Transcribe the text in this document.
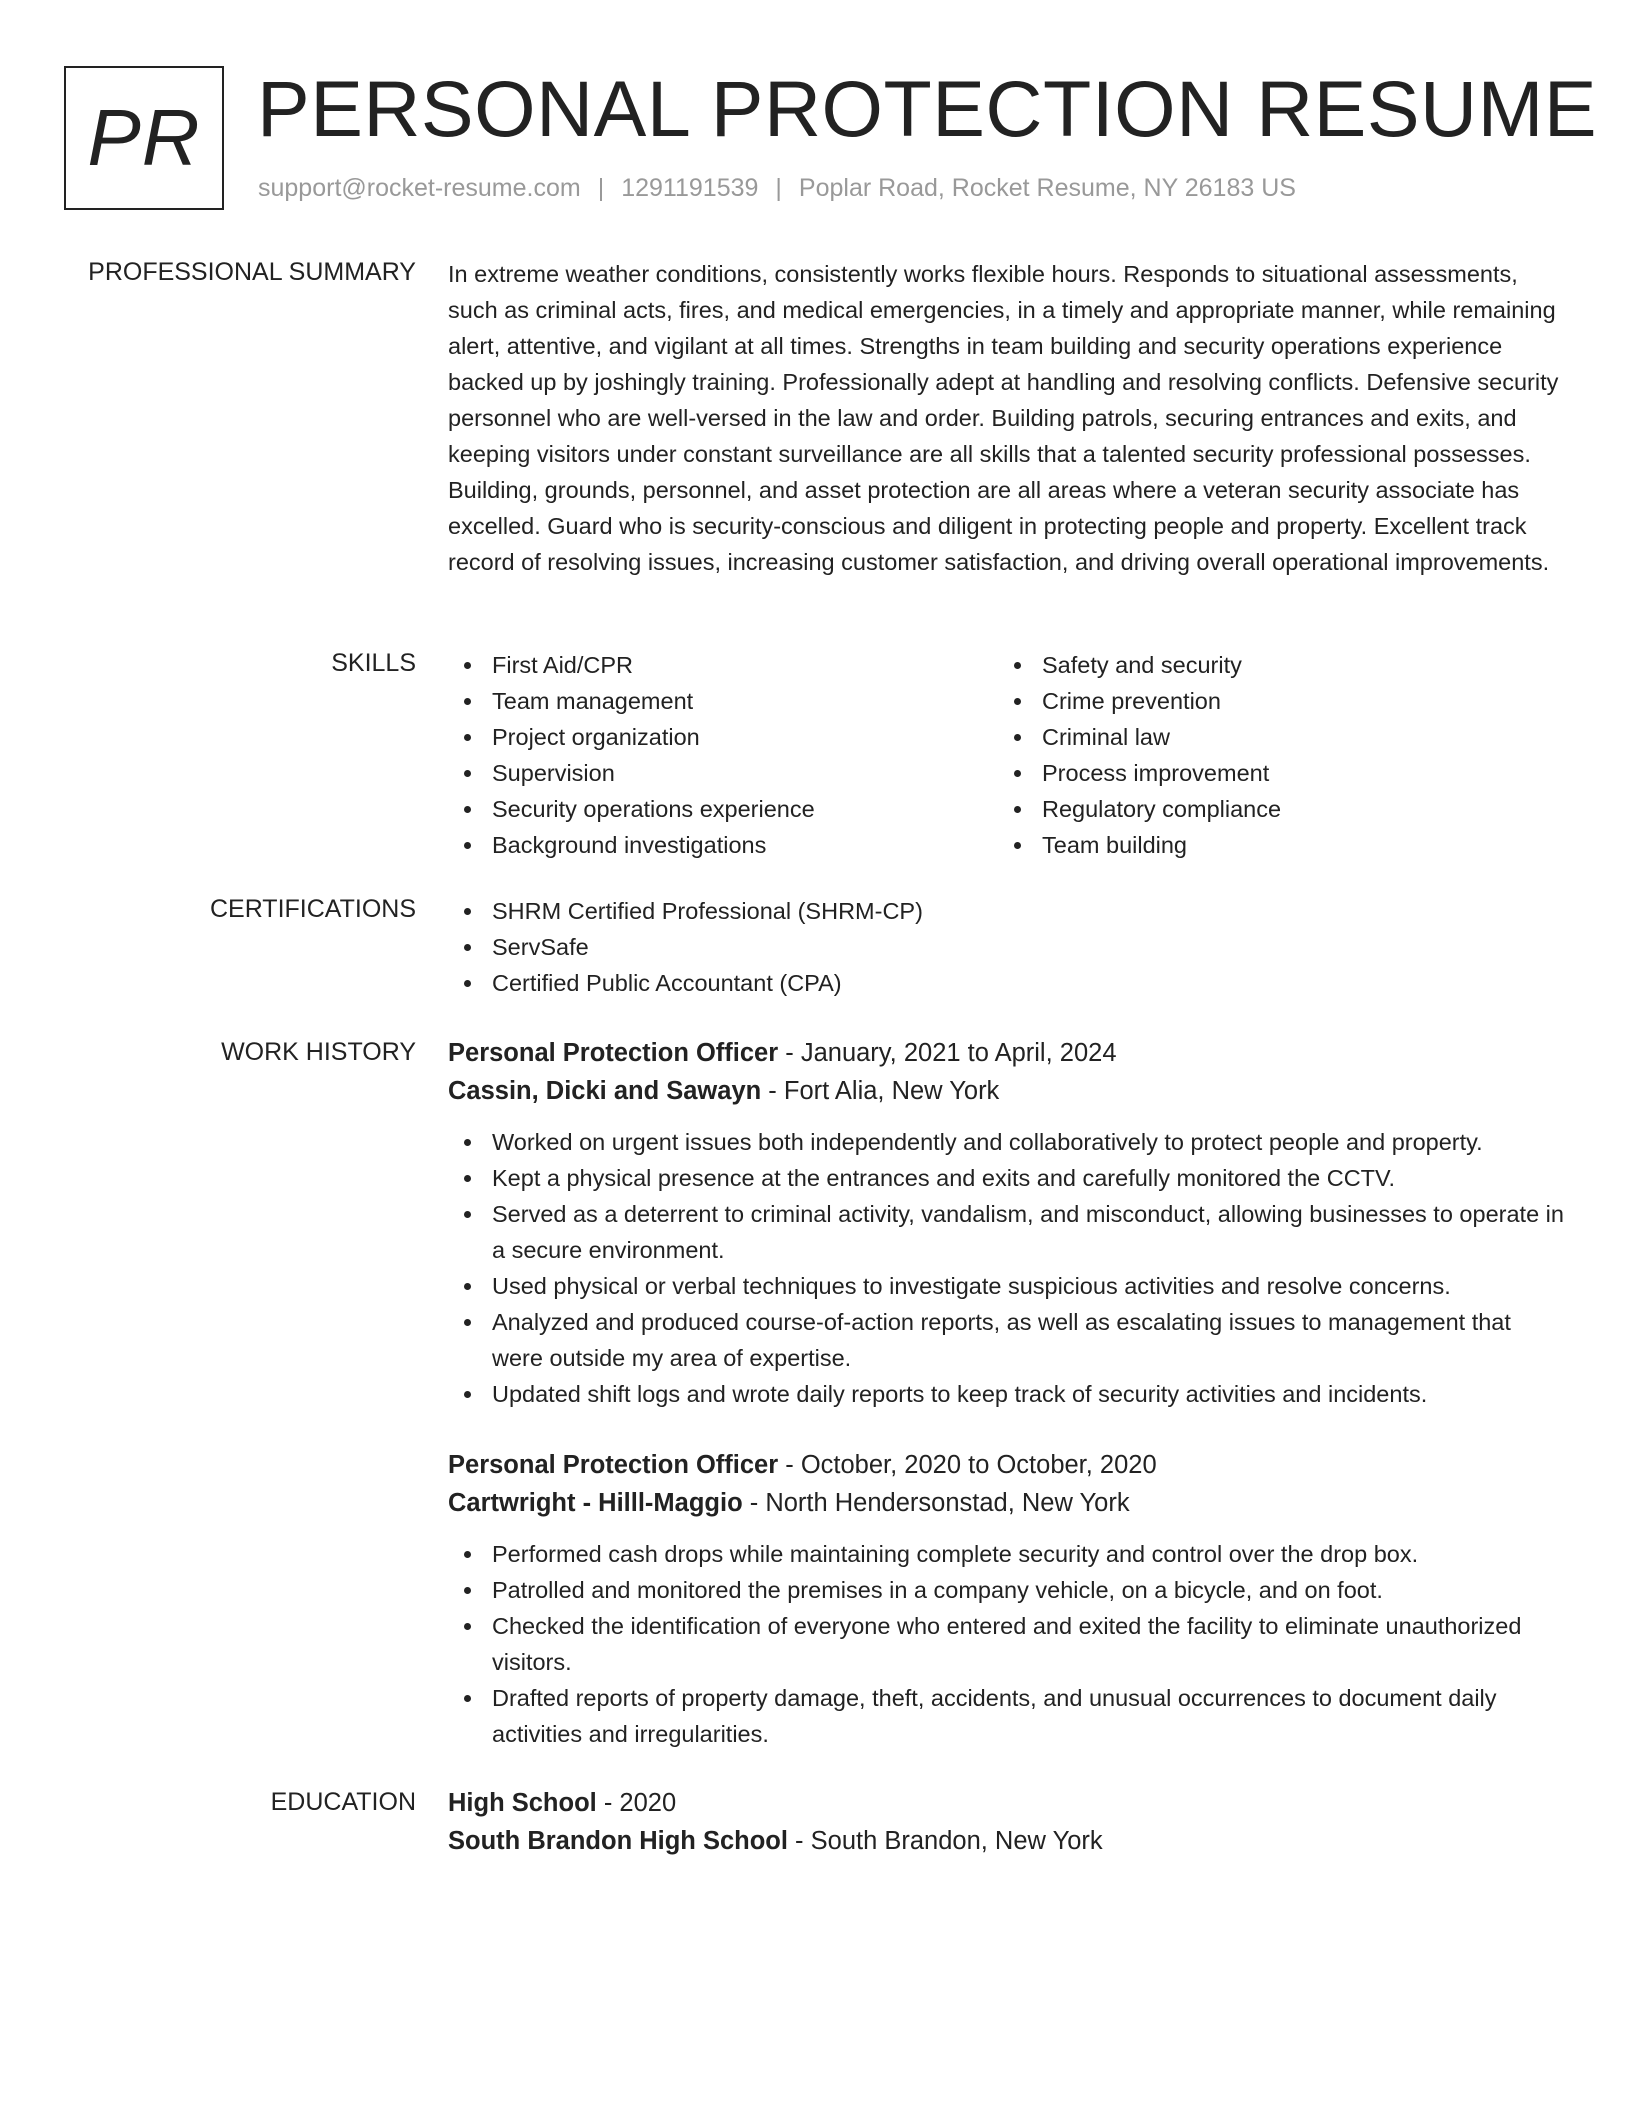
PR PERSONAL PROTECTION RESUME
support@rocket-resume.com | 1291191539 | Poplar Road, Rocket Resume, NY 26183 US
PROFESSIONAL SUMMARY In extreme weather conditions, consistently works flexible hours. Responds to situational assessments, such as criminal acts, fires, and medical emergencies, in a timely and appropriate manner, while remaining alert, attentive, and vigilant at all times. Strengths in team building and security operations experience backed up by joshingly training. Professionally adept at handling and resolving conflicts. Defensive security personnel who are well-versed in the law and order. Building patrols, securing entrances and exits, and keeping visitors under constant surveillance are all skills that a talented security professional possesses. Building, grounds, personnel, and asset protection are all areas where a veteran security associate has excelled. Guard who is security-conscious and diligent in protecting people and property. Excellent track record of resolving issues, increasing customer satisfaction, and driving overall operational improvements.

SKILLS	First Aid/CPR
Team management
Project organization
Supervision
Security operations experience
Background investigations
Safety and security
Crime prevention
Criminal law
Process improvement
Regulatory compliance
Team building
CERTIFICATIONS	SHRM Certified Professional (SHRM-CP)
ServSafe
Certified Public Accountant (CPA)
WORK HISTORY Personal Protection Officer - January, 2021 to April, 2024
Cassin, Dicki and Sawayn - Fort Alia, New York
Worked on urgent issues both independently and collaboratively to protect people and property.
Kept a physical presence at the entrances and exits and carefully monitored the CCTV.
Served as a deterrent to criminal activity, vandalism, and misconduct, allowing businesses to operate in a secure environment.
Used physical or verbal techniques to investigate suspicious activities and resolve concerns.
Analyzed and produced course-of-action reports, as well as escalating issues to management that were outside my area of expertise.
Updated shift logs and wrote daily reports to keep track of security activities and incidents.
Personal Protection Officer - October, 2020 to October, 2020
Cartwright - Hilll-Maggio - North Hendersonstad, New York
Performed cash drops while maintaining complete security and control over the drop box.
Patrolled and monitored the premises in a company vehicle, on a bicycle, and on foot.
Checked the identification of everyone who entered and exited the facility to eliminate unauthorized visitors.
Drafted reports of property damage, theft, accidents, and unusual occurrences to document daily activities and irregularities.
EDUCATION High School - 2020
South Brandon High School - South Brandon, New York
